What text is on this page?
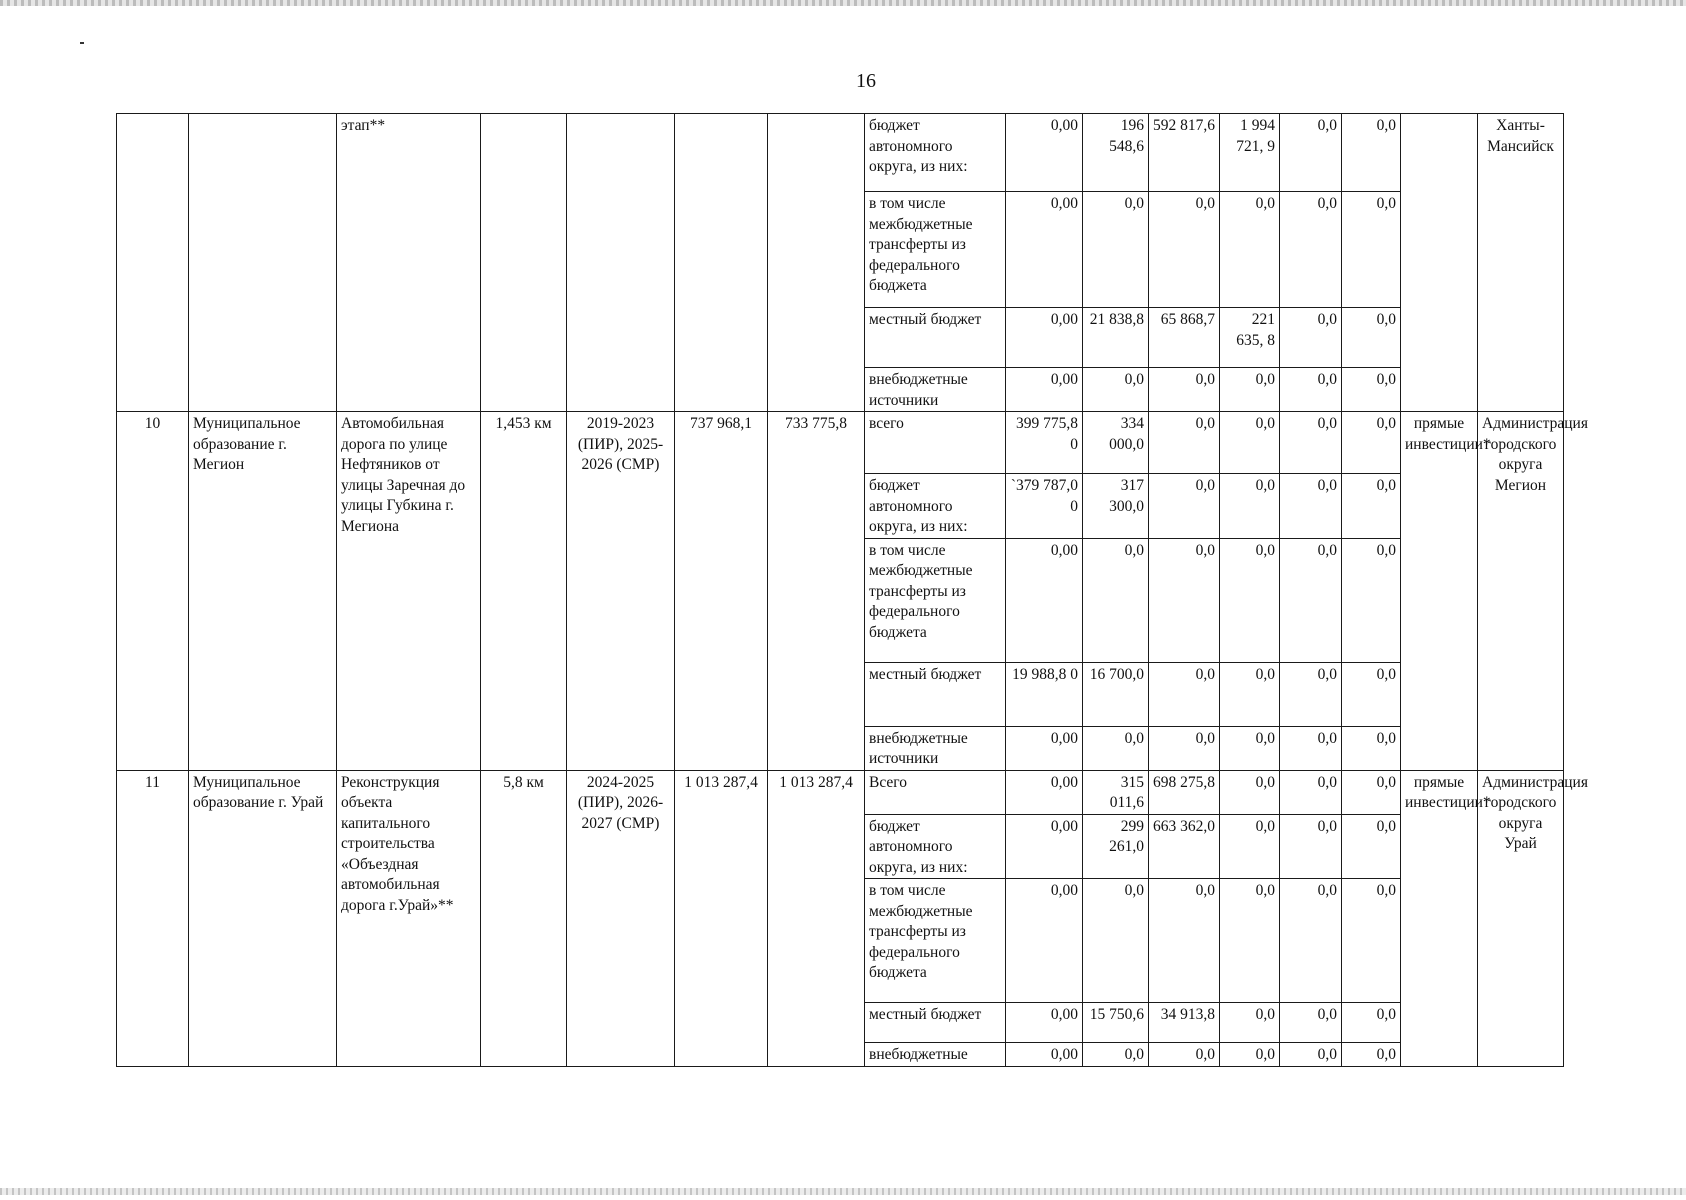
16
		этап**					бюджет автономного округа, из них:	0,00	196 548,6	592 817,6	1 994 721, 9	0,0	0,0		Ханты-Мансийск
							в том числе межбюджетные трансферты из федерального бюджета	0,00	0,0	0,0	0,0	0,0	0,0		
							местный бюджет	0,00	21 838,8	65 868,7	221 635, 8	0,0	0,0		
							внебюджетные источники	0,00	0,0	0,0	0,0	0,0	0,0		
10	Муниципальное образование г. Мегион	Автомобильная дорога по улице Нефтяников от улицы Заречная до улицы Губкина г. Мегиона	1,453 км	2019-2023 (ПИР), 2025-2026 (СМР)	737 968,1	733 775,8	всего	399 775,8 0	334 000,0	0,0	0,0	0,0	0,0	прямые инвестиции*	Администрация городского округа Мегион
							бюджет автономного округа, из них:	`379 787,0 0	317 300,0	0,0	0,0	0,0	0,0		
							в том числе межбюджетные трансферты из федерального бюджета	0,00	0,0	0,0	0,0	0,0	0,0		
							местный бюджет	19 988,8 0	16 700,0	0,0	0,0	0,0	0,0		
							внебюджетные источники	0,00	0,0	0,0	0,0	0,0	0,0		
11	Муниципальное образование г. Урай	Реконструкция объекта капитального строительства «Объездная автомобильная дорога г.Урай»**	5,8 км	2024-2025 (ПИР), 2026-2027 (СМР)	1 013 287,4	1 013 287,4	Всего	0,00	315 011,6	698 275,8	0,0	0,0	0,0	прямые инвестиции*	Администрация городского округа Урай
							бюджет автономного округа, из них:	0,00	299 261,0	663 362,0	0,0	0,0	0,0		
							в том числе межбюджетные трансферты из федерального бюджета	0,00	0,0	0,0	0,0	0,0	0,0		
							местный бюджет	0,00	15 750,6	34 913,8	0,0	0,0	0,0		
							внебюджетные	0,00	0,0	0,0	0,0	0,0	0,0		
